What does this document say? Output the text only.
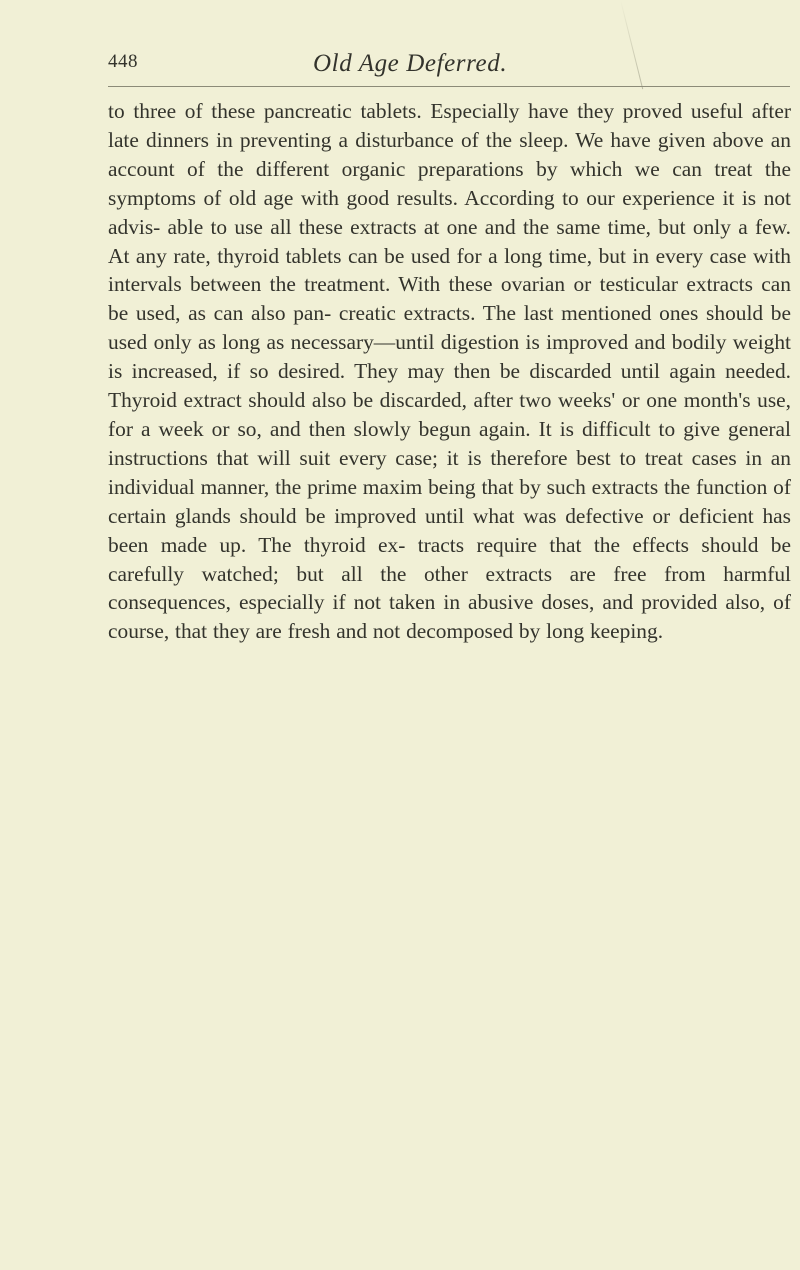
448	Old Age Deferred.

to three of these pancreatic tablets. Especially have they proved useful after late dinners in preventing a disturbance of the sleep. We have given above an account of the different organic preparations by which we can treat the symptoms of old age with good results. According to our experience it is not advis- able to use all these extracts at one and the same time, but only a few. At any rate, thyroid tablets can be used for a long time, but in every case with intervals between the treatment. With these ovarian or testicular extracts can be used, as can also pan- creatic extracts. The last mentioned ones should be used only as long as necessary—until digestion is improved and bodily weight is increased, if so desired. They may then be discarded until again needed. Thyroid extract should also be discarded, after two weeks' or one month's use, for a week or so, and then slowly begun again. It is difficult to give general instructions that will suit every case; it is therefore best to treat cases in an individual manner, the prime maxim being that by such extracts the function of certain glands should be improved until what was defective or deficient has been made up. The thyroid ex- tracts require that the effects should be carefully watched; but all the other extracts are free from harmful consequences, especially if not taken in abusive doses, and provided also, of course, that they are fresh and not decomposed by long keeping.
